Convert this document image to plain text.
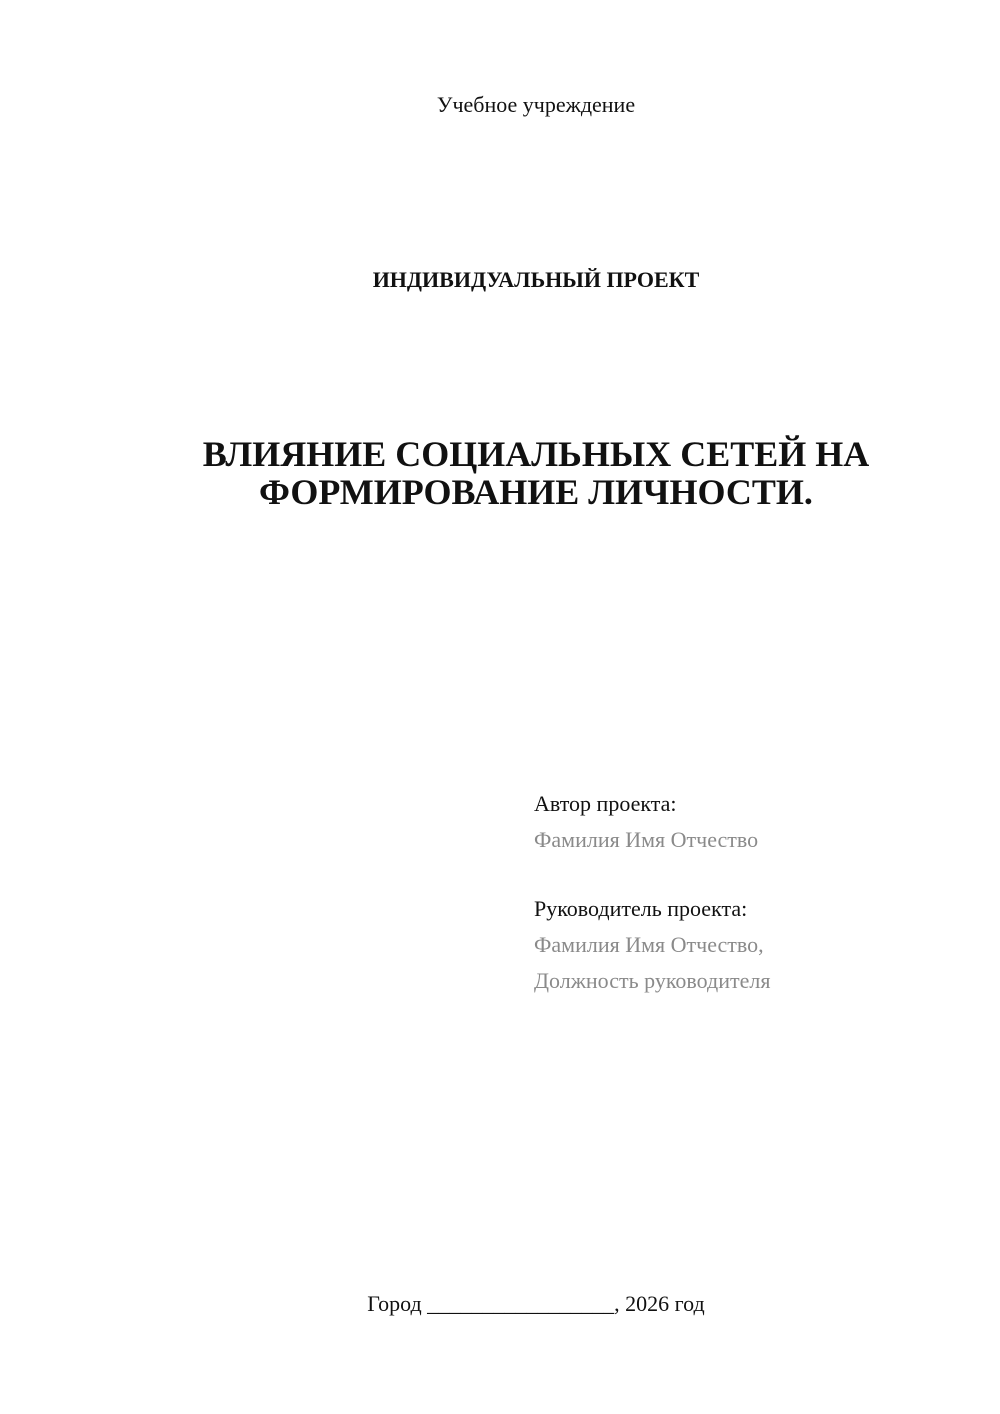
Учебное учреждение
ИНДИВИДУАЛЬНЫЙ ПРОЕКТ
ВЛИЯНИЕ СОЦИАЛЬНЫХ СЕТЕЙ НА
ФОРМИРОВАНИЕ ЛИЧНОСТИ.
Автор проекта:
Фамилия Имя Отчество
Руководитель проекта:
Фамилия Имя Отчество,
Должность руководителя
Город _________________, 2026 год
